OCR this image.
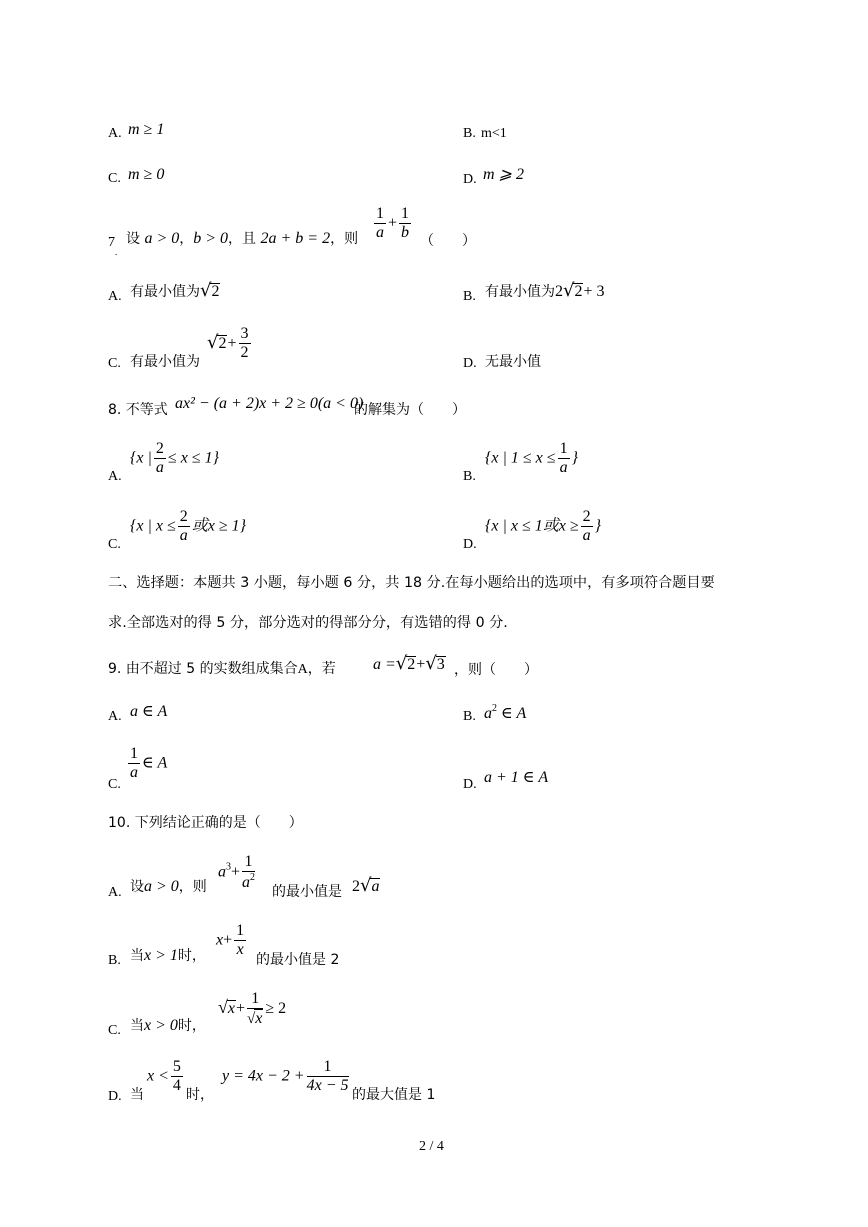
A. m ≥ 1	B. m<1
C. m ≥ 0	D. m ⩾ 2
7
.
设 a > 0，b > 0，且 2a + b = 2，则 $\frac{1}{a} + \frac{1}{b}$ （　　）
A. 有最小值为√2	B. 有最小值为2√2+ 3
C. 有最小值为
$√2+ \frac{3}{2}$
D. 无最小值
8. 不等式 ax² − (a + 2)x + 2 ≥ 0(a < 0)
的解集为（　　）
A.
{x | $\frac{2}{a} \le x \le 1$}
B.
{x | $1 \le x \le \frac{1}{a}$ }
C.
{x | $x \le \frac{2}{a}$ 或x ≥ 1}
D.
{x | x ≤ 1或$x \ge \frac{2}{a}$ }
二、选择题：本题共 3 小题，每小题 6 分，共 18 分.在每小题给出的选项中，有多项符合题目要
求.全部选对的得 5 分，部分选对的得部分分，有选错的得 0 分.
9. 由不超过 5 的实数组成集合A，若 a =√2+√3 ，则（　　）
A. a ∈ A	B. $a^2$ ∈ A
C.
$\frac{1}{a}$ ∈ A
D. a + 1 ∈ A
10. 下列结论正确的是（　　）
A. 设a > 0，则
$a^3+ \frac{1}{a^2}$ 的最小值是 2√a
B. 当x > 1时，
$x+ \frac{1}{x}$
的最小值是 2
C. 当x > 0时，
$√x+ \frac{1}{√x} \ge 2$
D. 当
$x < \frac{5}{4}$ 时，
$y = 4x - 2 + \frac{1}{4x - 5}$ 的最大值是 1
2 / 4
